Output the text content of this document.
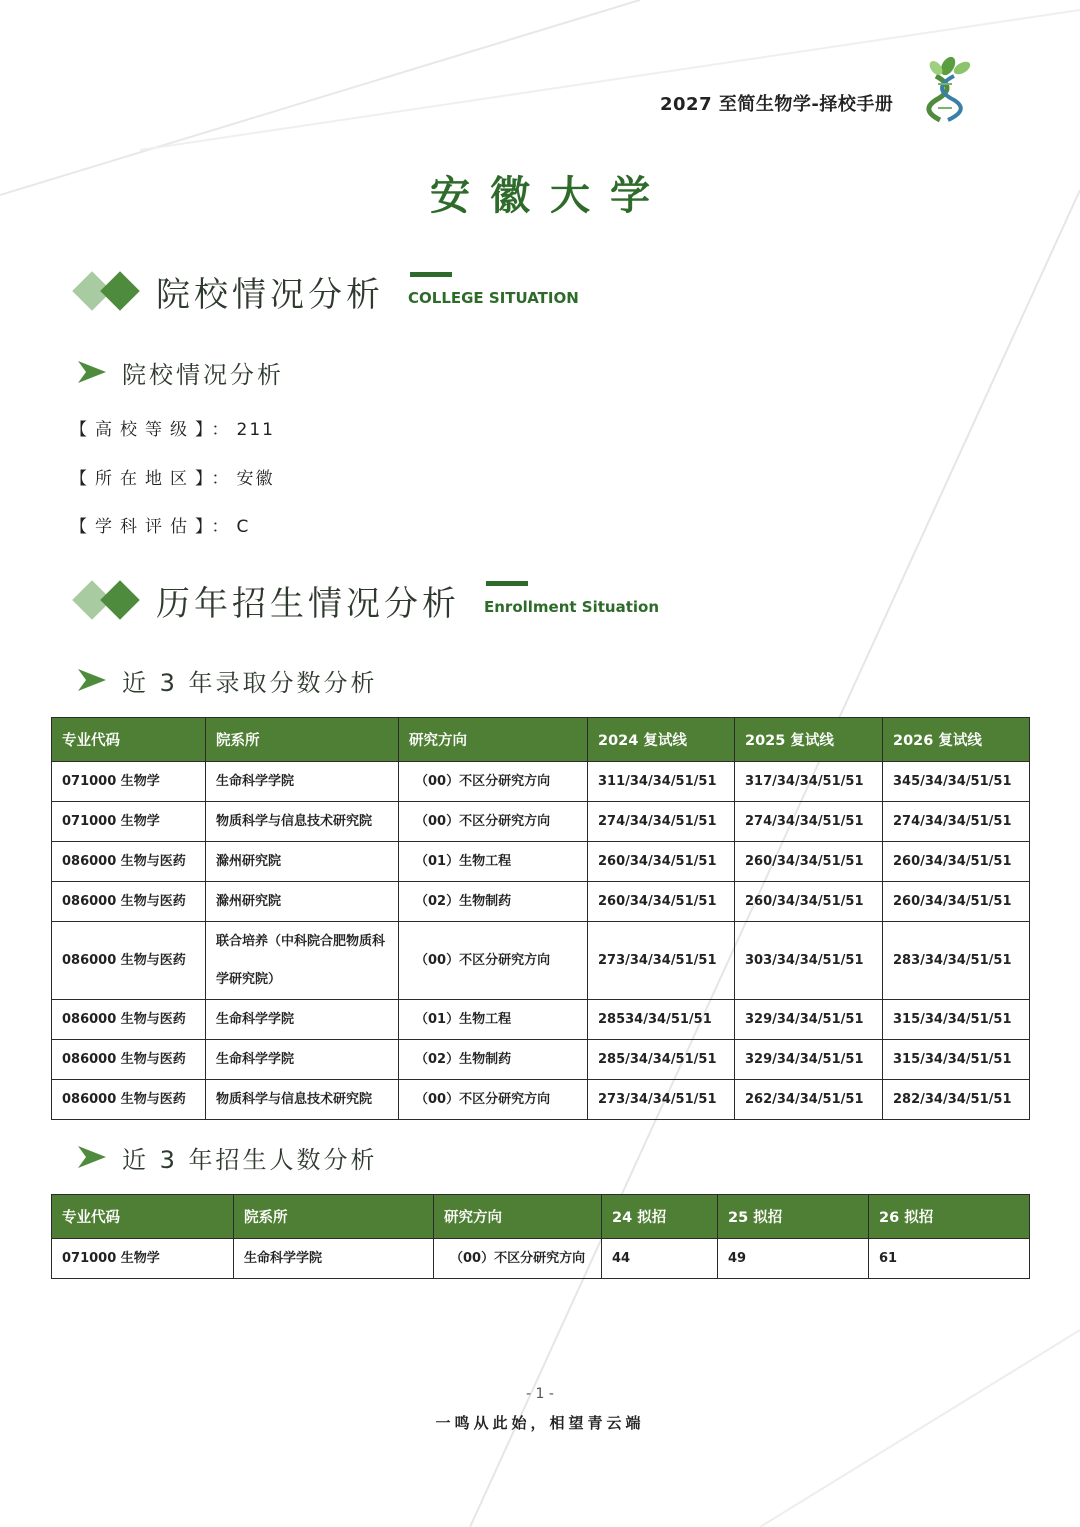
2027 至简生物学-择校手册
安徽大学
院校情况分析 COLLEGE SITUATION
院校情况分析
【高校等级】：211
【所在地区】：安徽
【学科评估】：C
历年招生情况分析 Enrollment Situation
近 3 年录取分数分析
专业代码	院系所	研究方向	2024 复试线	2025 复试线	2026 复试线
071000 生物学	生命科学学院	（00）不区分研究方向	311/34/34/51/51	317/34/34/51/51	345/34/34/51/51
071000 生物学	物质科学与信息技术研究院	（00）不区分研究方向	274/34/34/51/51	274/34/34/51/51	274/34/34/51/51
086000 生物与医药	滁州研究院	（01）生物工程	260/34/34/51/51	260/34/34/51/51	260/34/34/51/51
086000 生物与医药	滁州研究院	（02）生物制药	260/34/34/51/51	260/34/34/51/51	260/34/34/51/51
086000 生物与医药	联合培养（中科院合肥物质科学研究院）	（00）不区分研究方向	273/34/34/51/51	303/34/34/51/51	283/34/34/51/51
086000 生物与医药	生命科学学院	（01）生物工程	28534/34/51/51	329/34/34/51/51	315/34/34/51/51
086000 生物与医药	生命科学学院	（02）生物制药	285/34/34/51/51	329/34/34/51/51	315/34/34/51/51
086000 生物与医药	物质科学与信息技术研究院	（00）不区分研究方向	273/34/34/51/51	262/34/34/51/51	282/34/34/51/51
近 3 年招生人数分析
专业代码	院系所	研究方向	24 拟招	25 拟招	26 拟招
071000 生物学	生命科学学院	（00）不区分研究方向	44	49	61
- 1 -
一鸣从此始，相望青云端
